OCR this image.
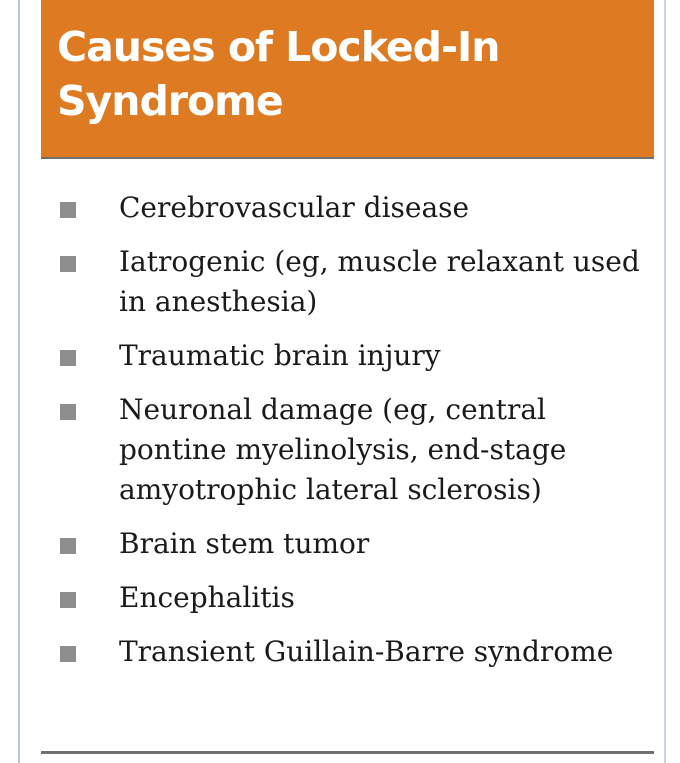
Causes of Locked-In Syndrome
Cerebrovascular disease
Iatrogenic (eg, muscle relaxant used in anesthesia)
Traumatic brain injury
Neuronal damage (eg, central pontine myelinolysis, end-stage amyotrophic lateral sclerosis)
Brain stem tumor
Encephalitis
Transient Guillain-Barre syndrome
